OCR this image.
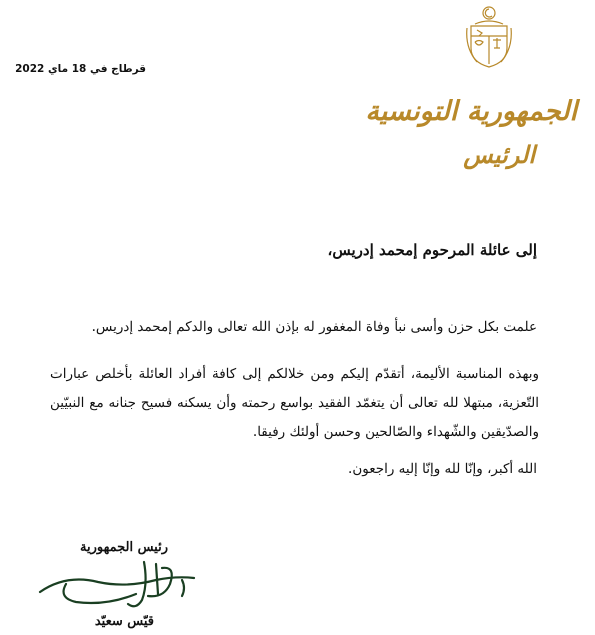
قرطاج في 18 ماي 2022
الجمهورية التونسية
الرئيس
إلى عائلة المرحوم إمحمد إدريس،
علمت بكل حزن وأسى نبأ وفاة المغفور له بإذن الله تعالى والدكم إمحمد إدريس.
وبهذه المناسبة الأليمة، أتقدّم إليكم ومن خلالكم إلى كافة أفراد العائلة بأخلص عبارات التّعزية، مبتهلا لله تعالى أن يتغمّد الفقيد بواسع رحمته وأن يسكنه فسيح جنانه مع النبيّين والصدّيقين والشّهداء والصّالحين وحسن أولئك رفيقا.
الله أكبر، وإنّا لله وإنّا إليه راجعون.
رئيس الجمهورية
قيّس سعيّد
